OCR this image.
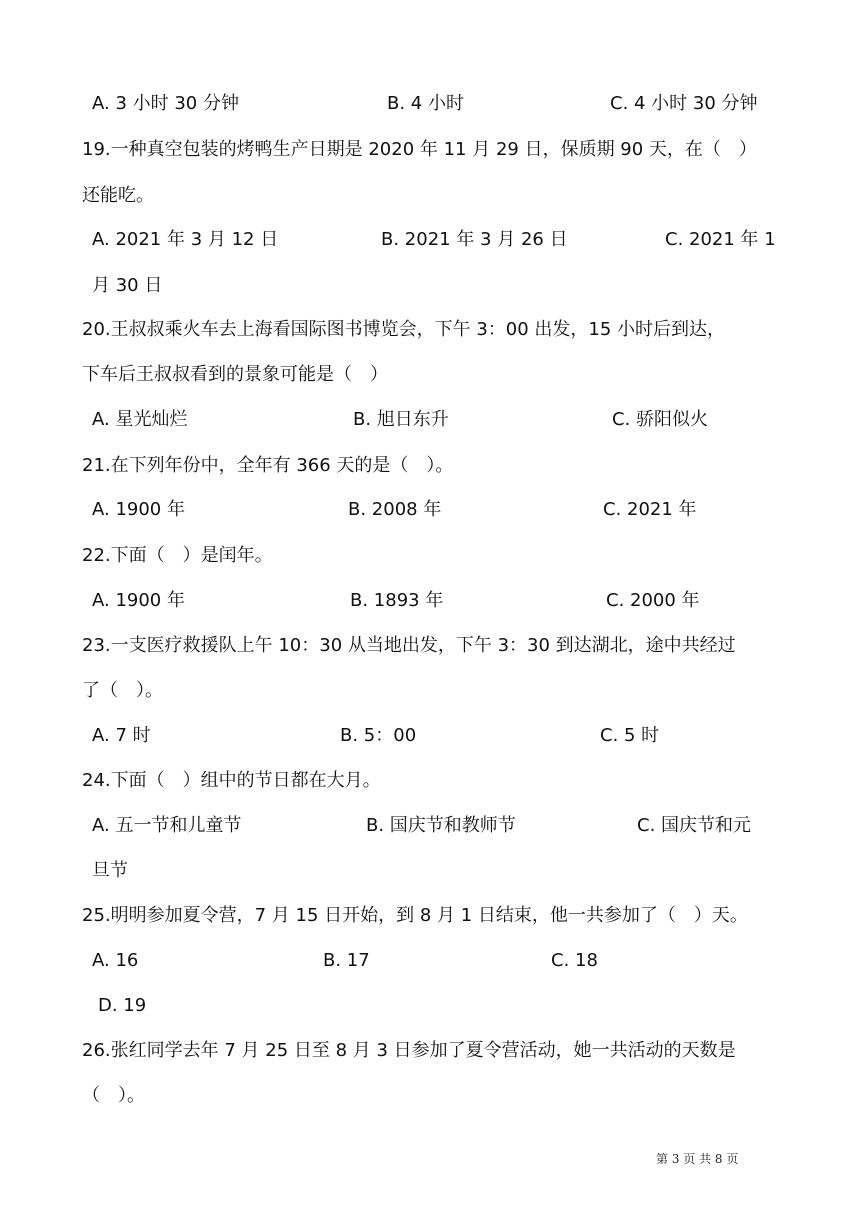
A. 3 小时 30 分钟	B. 4 小时	C. 4 小时 30 分钟
19.一种真空包装的烤鸭生产日期是 2020 年 11 月 29 日，保质期 90 天，在（　）
还能吃。
A. 2021 年 3 月 12 日	B. 2021 年 3 月 26 日	C. 2021 年 1
月 30 日
20.王叔叔乘火车去上海看国际图书博览会，下午 3：00 出发，15 小时后到达，
下车后王叔叔看到的景象可能是（　）
A. 星光灿烂	B. 旭日东升	C. 骄阳似火
21.在下列年份中，全年有 366 天的是（　）。
A. 1900 年	B. 2008 年	C. 2021 年
22.下面（　）是闰年。
A. 1900 年	B. 1893 年	C. 2000 年
23.一支医疗救援队上午 10：30 从当地出发，下午 3：30 到达湖北，途中共经过
了（　）。
A. 7 时	B. 5：00	C. 5 时
24.下面（　）组中的节日都在大月。
A. 五一节和儿童节	B. 国庆节和教师节	C. 国庆节和元
旦节
25.明明参加夏令营，7 月 15 日开始，到 8 月 1 日结束，他一共参加了（　）天。
A. 16	B. 17	C. 18
D. 19
26.张红同学去年 7 月 25 日至 8 月 3 日参加了夏令营活动，她一共活动的天数是
（　）。
第 3 页 共 8 页
